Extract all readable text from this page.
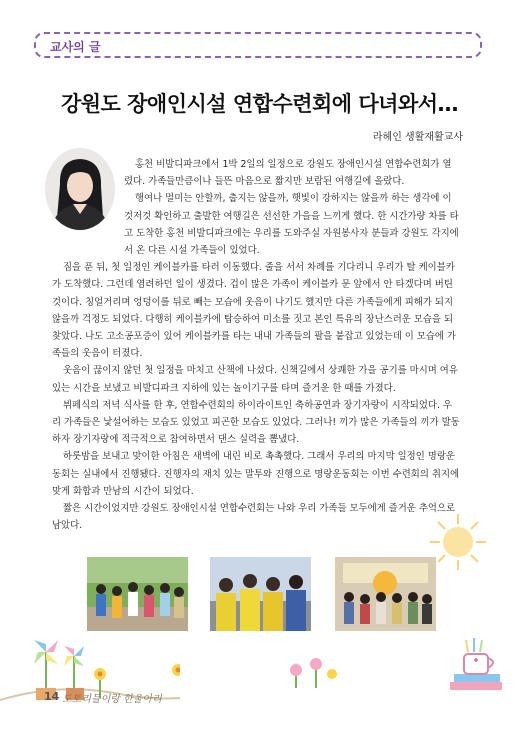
교사의 글
강원도 장애인시설 연합수련회에 다녀와서…
라헤인 생활재활교사

홍천 비발디파크에서 1박 2일의 일정으로 강원도 장애인시설 연합수련회가 열렸다. 가족들만큼이나 들뜬 마음으로 짧지만 보람된 여행길에 올랐다.

행여나 멀미는 안할까, 춥지는 않을까, 햇빛이 강하지는 않을까 하는 생각에 이것저것 확인하고 출발한 여행길은 선선한 가을을 느끼게 했다. 한 시간가량 차를 타고 도착한 홍천 비발디파크에는 우리를 도와주실 자원봉사자 분들과 강원도 각지에서 온 다른 시설 가족들이 있었다.

짐을 푼 뒤, 첫 일정인 케이블카를 타러 이동했다. 줄을 서서 차례를 기다리니 우리가 탈 케이블카가 도착했다. 그런데 염려하던 일이 생겼다. 겁이 많은 가족이 케이블카 문 앞에서 안 타겠다며 버틴 것이다. 칭얼거리며 엉덩이를 뒤로 빼는 모습에 웃음이 나기도 했지만 다른 가족들에게 피해가 되지 않을까 걱정도 되었다. 다행히 케이블카에 탑승하여 미소를 짓고 본인 특유의 장난스러운 모습을 되찾았다. 나도 고소공포증이 있어 케이블카를 타는 내내 가족들의 팔을 붙잡고 있었는데 이 모습에 가족들의 웃음이 터졌다.

웃음이 끊이지 않던 첫 일정을 마치고 산책에 나섰다. 신책길에서 상쾌한 가을 공기를 마시며 여유 있는 시간을 보냈고 비발디파크 지하에 있는 놀이기구를 타며 즐거운 한 때를 가졌다.

뷔페식의 저녁 식사를 한 후, 연합수련회의 하이라이트인 축하공연과 장기자랑이 시작되었다. 우리 가족들은 낯설어하는 모습도 있었고 피곤한 모습도 있었다. 그러나! 끼가 많은 가족들의 끼가 발동하자 장기자랑에 적극적으로 참여하면서 댄스 실력을 뽐냈다.

하룻밤을 보내고 맞이한 아침은 새벽에 내린 비로 촉촉했다. 그래서 우리의 마지막 일정인 명랑운동회는 실내에서 진행됐다. 진행자의 재치 있는 말투와 진행으로 명랑운동회는 이번 수련회의 취지에 맞게 화합과 만남의 시간이 되었다.

짧은 시간이었지만 강원도 장애인시설 연합수련회는 나와 우리 가족들 모두에게 즐거운 추억으로 남았다.

14 도토리들이랑 한울아리
